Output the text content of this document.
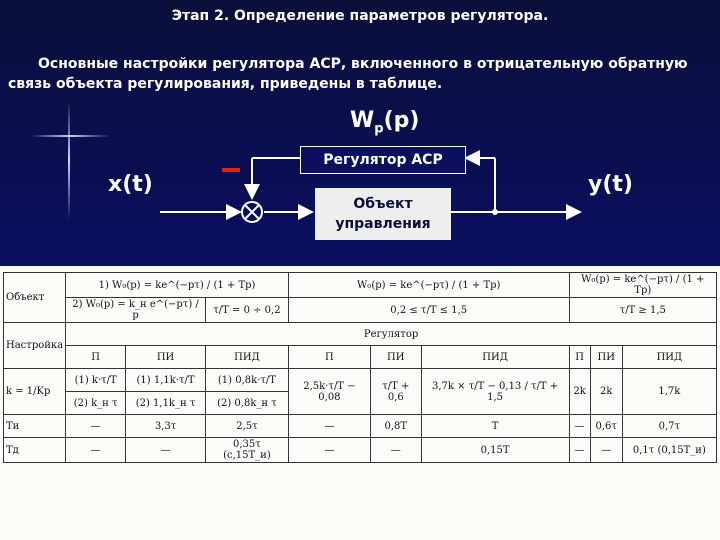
Этап 2. Определение параметров регулятора.
Основные настройки регулятора АСР, включенного в отрицательную обратную связь объекта регулирования, приведены в таблице.
$W_р(p)$
x(t)	y(t)
Регулятор АСР
Объект
управления
Объект	1) W₀(p) = ke^(−pτ) / (1 + Tp)			W₀(p) = ke^(−pτ) / (1 + Tp)			W₀(p) = ke^(−pτ) / (1 + Tp)		
	2) W₀(p) = k_н e^(−pτ) / p		τ/T = 0 ÷ 0,2	0,2 ≤ τ/T ≤ 1,5			τ/T ≥ 1,5		
Настройка	Регулятор								
	П	ПИ	ПИД	П	ПИ	ПИД	П	ПИ	ПИД
k = 1/Kp	(1) k·τ/T	(1) 1,1k·τ/T	(1) 0,8k·τ/T	2,5k·τ/T − 0,08	τ/T + 0,6	3,7k × τ/T − 0,13 / τ/T + 1,5	2k	2k	1,7k
	(2) k_н τ	(2) 1,1k_н τ	(2) 0,8k_н τ						
Tи	—	3,3τ	2,5τ	—	0,8T	T	—	0,6τ	0,7τ
Tд	—	—	0,35τ (с,15T_и)	—	—	0,15T	—	—	0,1τ (0,15T_и)
